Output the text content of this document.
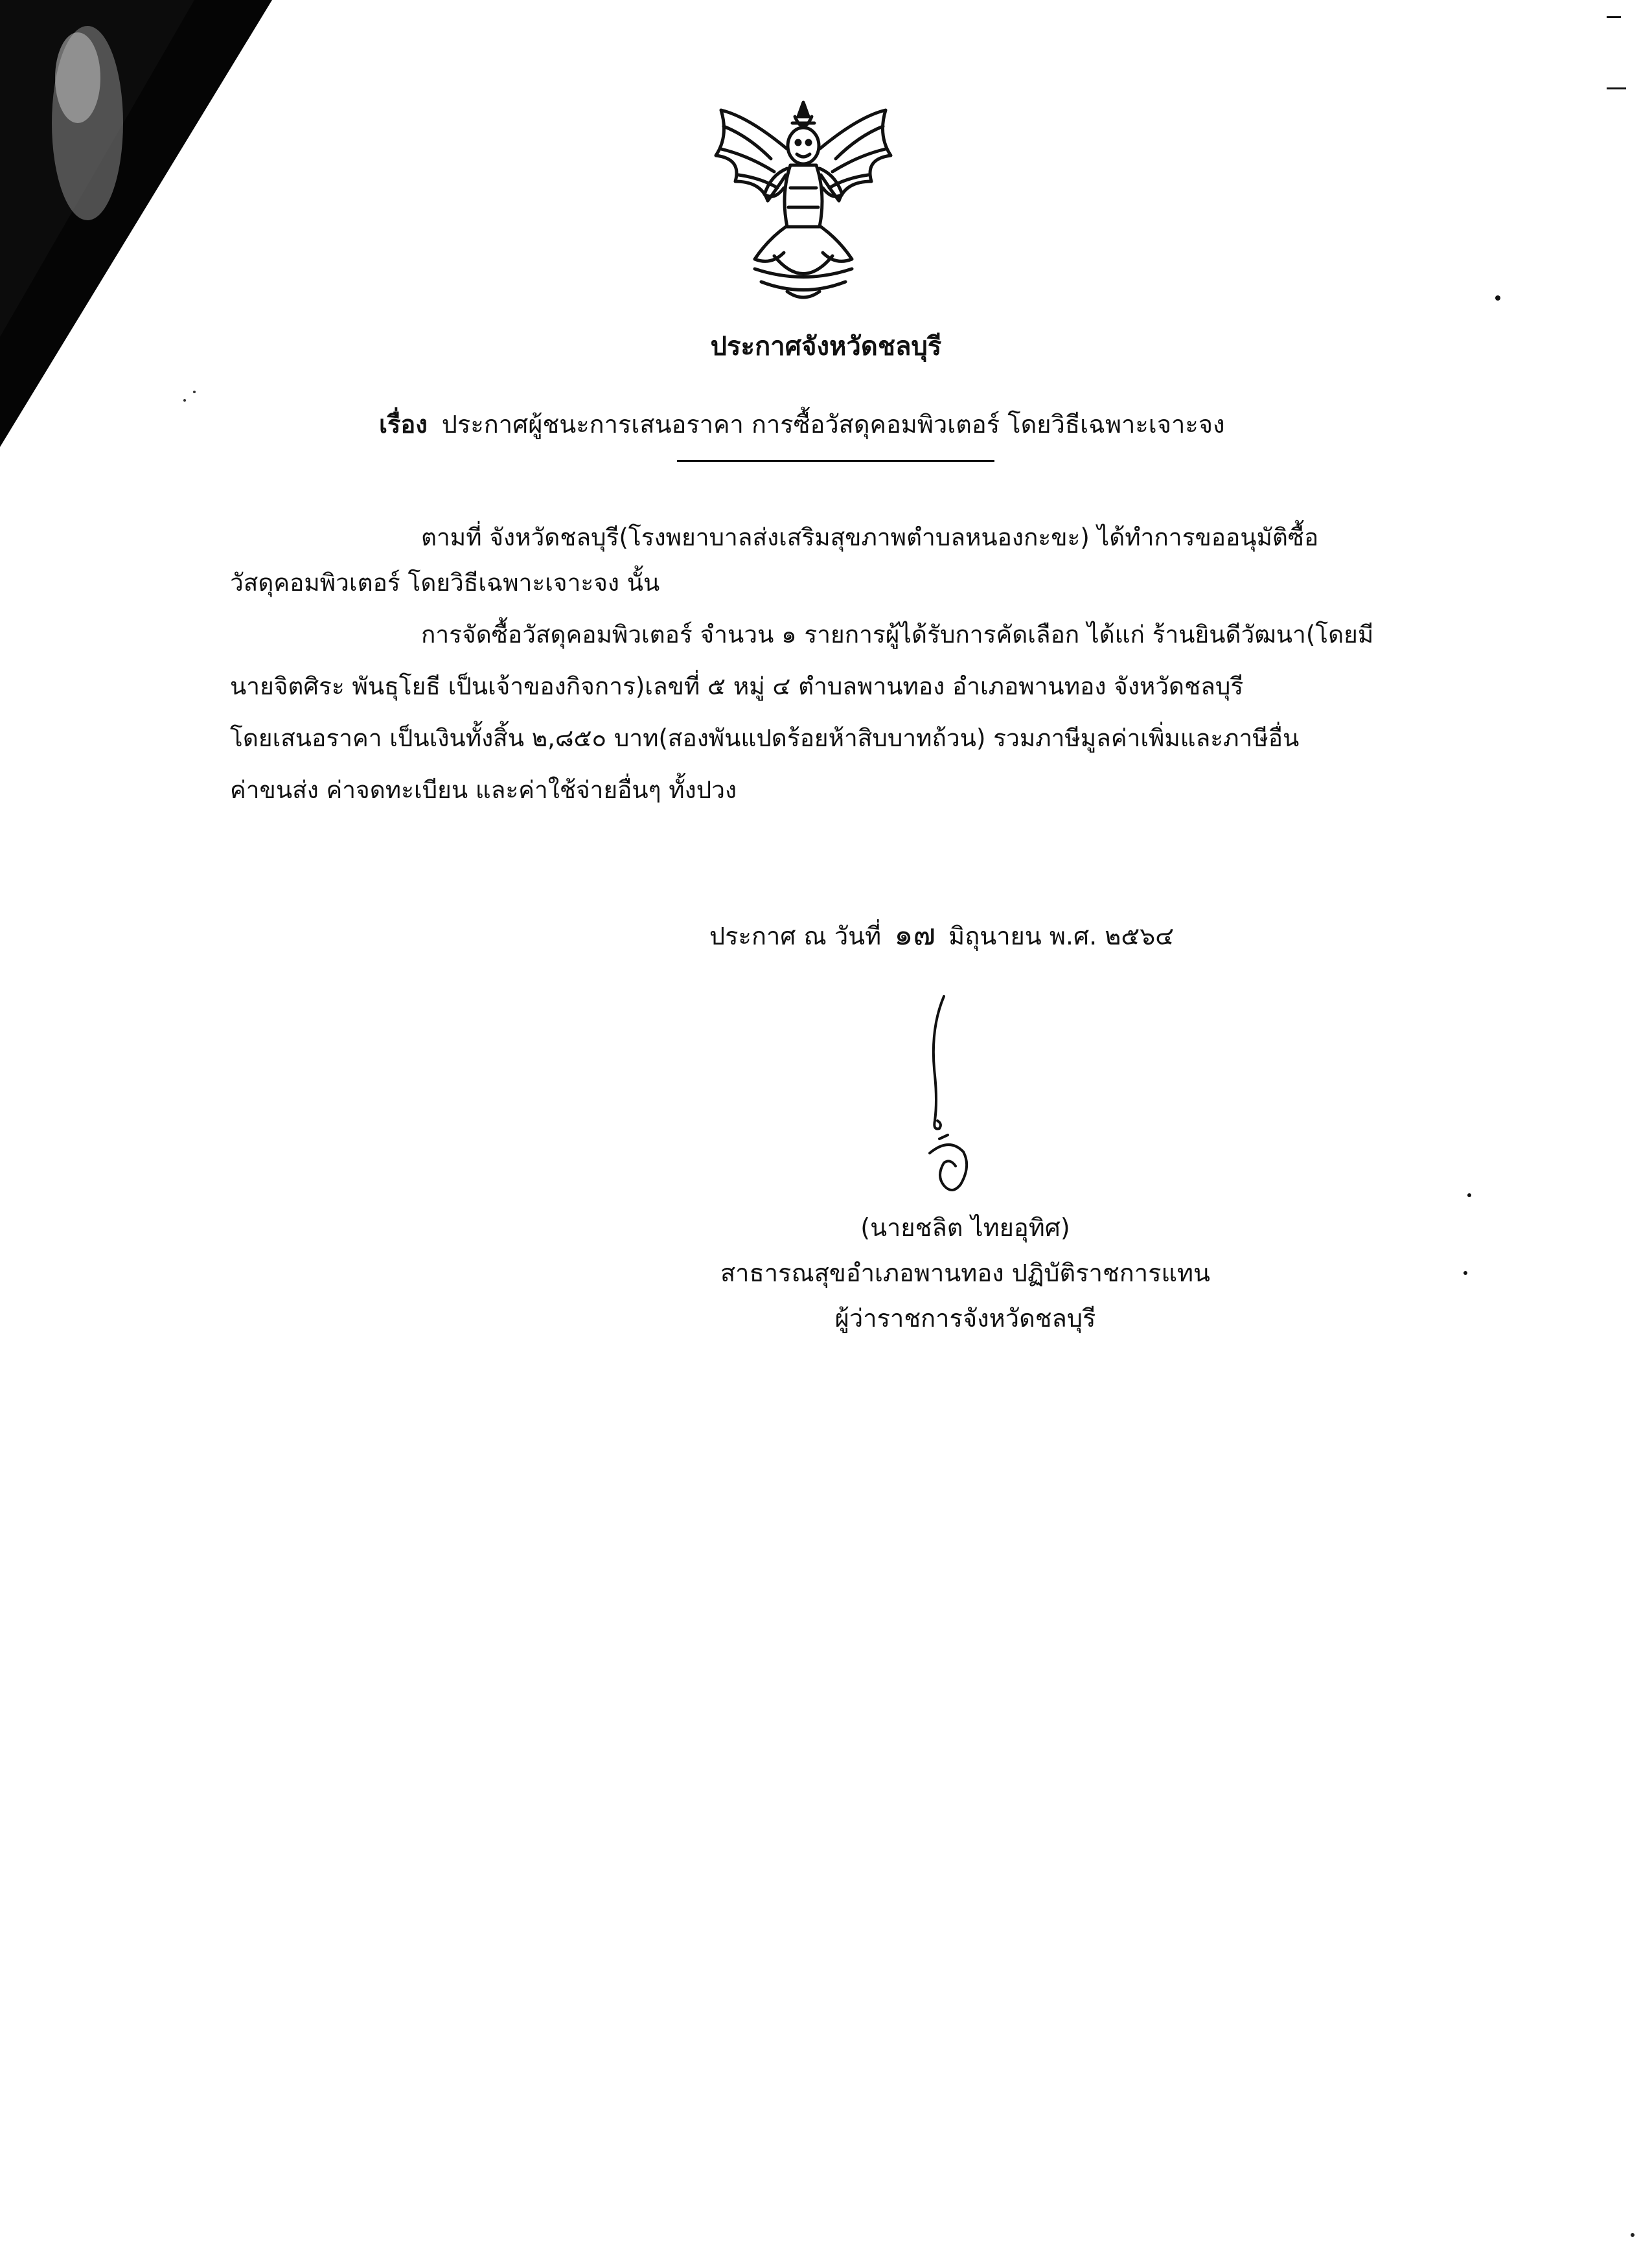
ประกาศจังหวัดชลบุรี
เรื่อง ประกาศผู้ชนะการเสนอราคา การซื้อวัสดุคอมพิวเตอร์ โดยวิธีเฉพาะเจาะจง
ตามที่ จังหวัดชลบุรี(โรงพยาบาลส่งเสริมสุขภาพตำบลหนองกะขะ) ได้ทำการขออนุมัติซื้อ
วัสดุคอมพิวเตอร์ โดยวิธีเฉพาะเจาะจง นั้น
การจัดซื้อวัสดุคอมพิวเตอร์ จำนวน ๑ รายการผู้ได้รับการคัดเลือก ได้แก่ ร้านยินดีวัฒนา(โดยมี
นายจิตศิระ พันธุโยธี เป็นเจ้าของกิจการ)เลขที่ ๕ หมู่ ๔ ตำบลพานทอง อำเภอพานทอง จังหวัดชลบุรี
โดยเสนอราคา เป็นเงินทั้งสิ้น ๒,๘๕๐ บาท(สองพันแปดร้อยห้าสิบบาทถ้วน) รวมภาษีมูลค่าเพิ่มและภาษีอื่น
ค่าขนส่ง ค่าจดทะเบียน และค่าใช้จ่ายอื่นๆ ทั้งปวง
ประกาศ ณ วันที่ ๑๗ มิถุนายน พ.ศ. ๒๕๖๔
(นายชลิต ไทยอุทิศ)
สาธารณสุขอำเภอพานทอง ปฏิบัติราชการแทน
ผู้ว่าราชการจังหวัดชลบุรี
